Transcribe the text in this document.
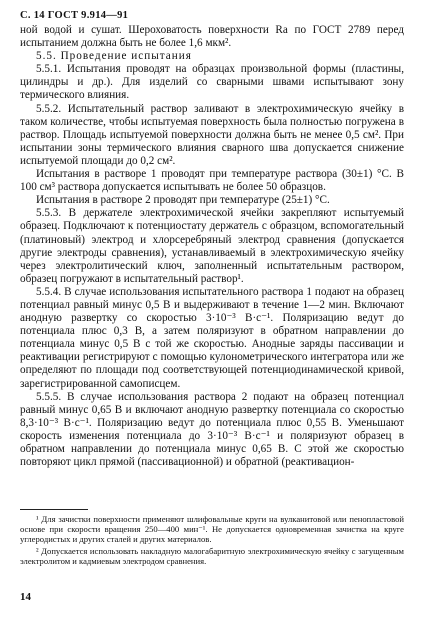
С. 14 ГОСТ 9.914—91

ной водой и сушат. Шероховатость поверхности Ra по ГОСТ 2789 перед испытанием должна быть не более 1,6 мкм².

5.5. Проведение испытания

5.5.1. Испытания проводят на образцах произвольной формы (пластины, цилиндры и др.). Для изделий со сварными швами испытывают зону термического влияния.

5.5.2. Испытательный раствор заливают в электрохимическую ячейку в таком количестве, чтобы испытуемая поверхность была полностью погружена в раствор. Площадь испытуемой поверхности должна быть не менее 0,5 см². При испытании зоны термического влияния сварного шва допускается снижение испытуемой площади до 0,2 см².

Испытания в растворе 1 проводят при температуре раствора (30±1) °С. В 100 см³ раствора допускается испытывать не более 50 образцов.

Испытания в растворе 2 проводят при температуре (25±1) °С.

5.5.3. В держателе электрохимической ячейки закрепляют испытуемый образец. Подключают к потенциостату держатель с образцом, вспомогательный (платиновый) электрод и хлорсеребряный электрод сравнения (допускается другие электроды сравнения), устанавливаемый в электрохимическую ячейку через электролитический ключ, заполненный испытательным раствором, образец погружают в испытательный раствор¹.

5.5.4. В случае использования испытательного раствора 1 подают на образец потенциал равный минус 0,5 В и выдерживают в течение 1—2 мин. Включают анодную развертку со скоростью 3·10⁻³ В·с⁻¹. Поляризацию ведут до потенциала плюс 0,3 В, а затем поляризуют в обратном направлении до потенциала минус 0,5 В с той же скоростью. Анодные заряды пассивации и реактивации регистрируют с помощью кулонометрического интегратора или же определяют по площади под соответствующей потенциодинамической кривой, зарегистрированной самописцем.

5.5.5. В случае использования раствора 2 подают на образец потенциал равный минус 0,65 В и включают анодную развертку потенциала со скоростью 8,3·10⁻³ В·с⁻¹. Поляризацию ведут до потенциала плюс 0,55 В. Уменьшают скорость изменения потенциала до 3·10⁻³ В·с⁻¹ и поляризуют образец в обратном направлении до потенциала минус 0,65 В. С этой же скоростью повторяют цикл прямой (пассивационной) и обратной (реактивацион-

¹ Для зачистки поверхности применяют шлифовальные круги на вулканитовой или пенопластовой основе при скорости вращения 250—400 мин⁻¹. Не допускается одновременная зачистка на круге углеродистых и других сталей и других материалов.

² Допускается использовать накладную малогабаритную электрохимическую ячейку с загущенным электролитом и кадмиевым электродом сравнения.

14
